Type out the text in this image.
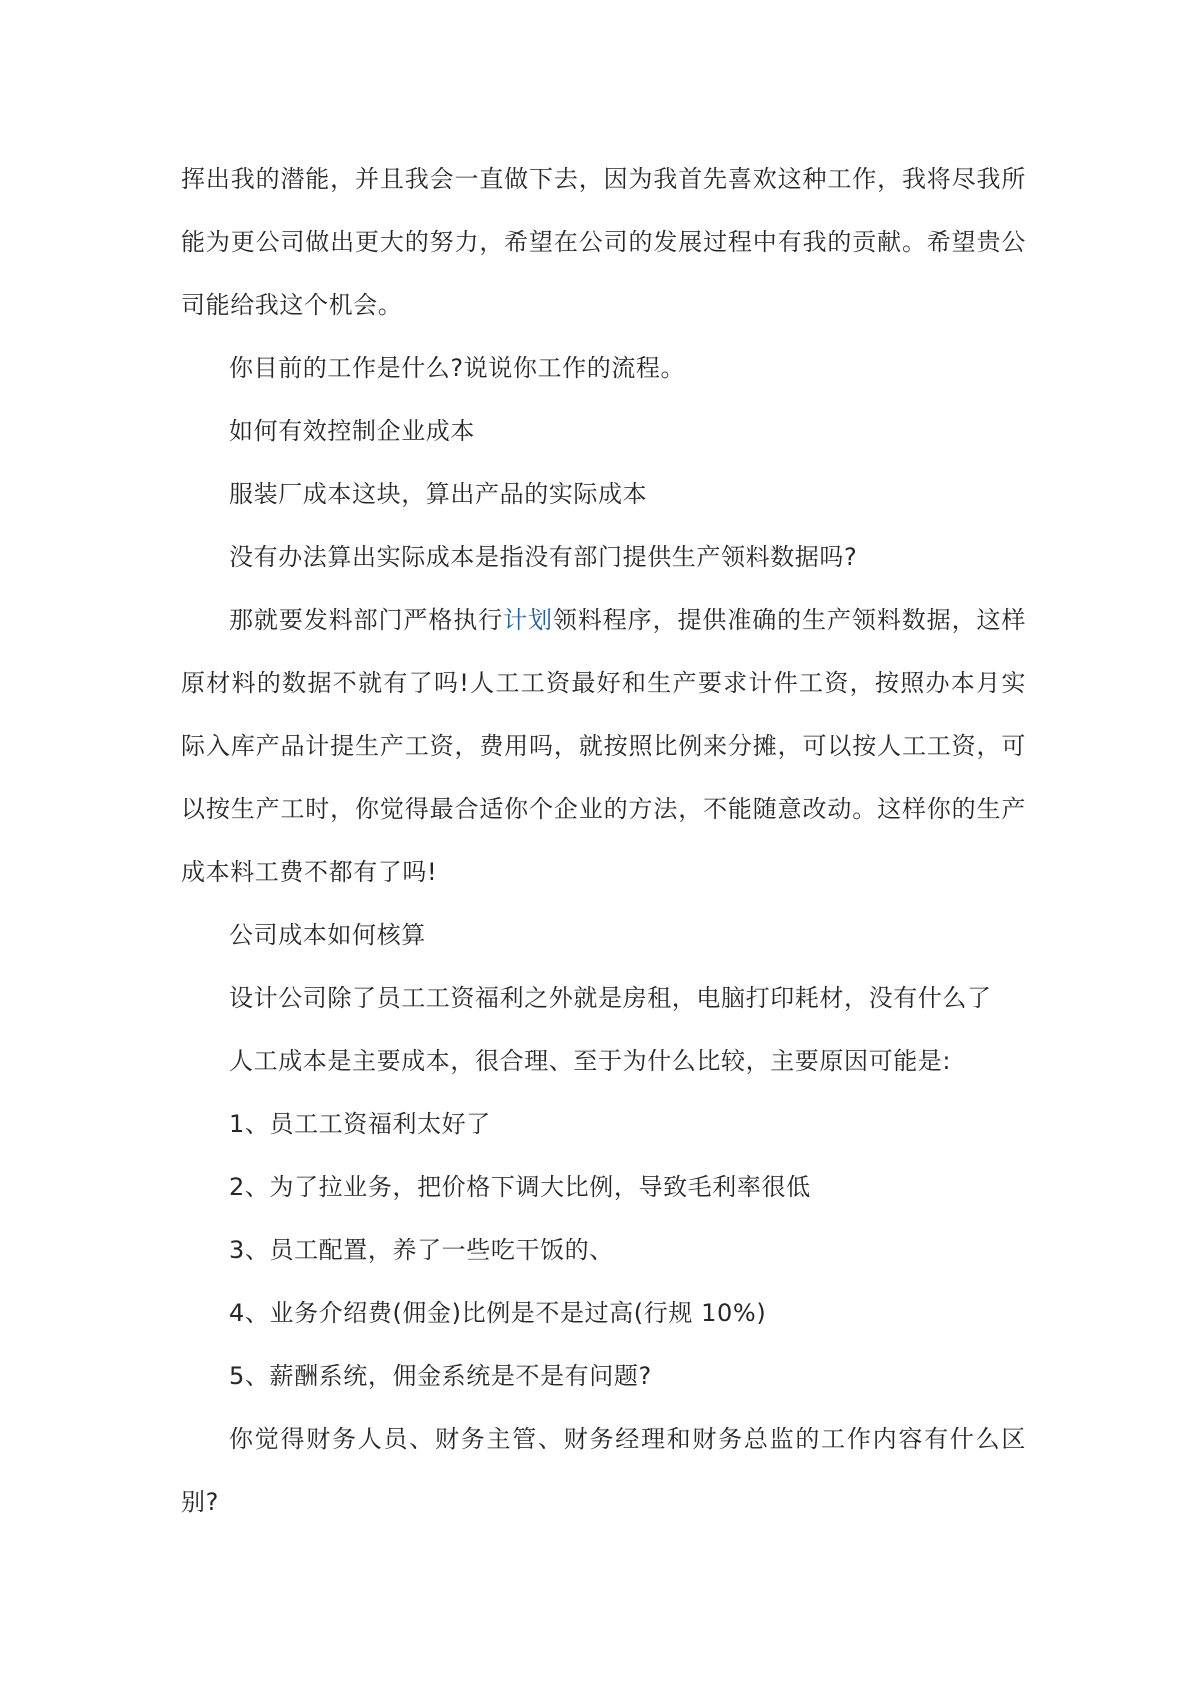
挥出我的潜能，并且我会一直做下去，因为我首先喜欢这种工作，我将尽我所能为更公司做出更大的努力，希望在公司的发展过程中有我的贡献。希望贵公司能给我这个机会。

你目前的工作是什么?说说你工作的流程。

如何有效控制企业成本

服装厂成本这块，算出产品的实际成本

没有办法算出实际成本是指没有部门提供生产领料数据吗?

那就要发料部门严格执行计划领料程序，提供准确的生产领料数据，这样原材料的数据不就有了吗!人工工资最好和生产要求计件工资，按照办本月实际入库产品计提生产工资，费用吗，就按照比例来分摊，可以按人工工资，可以按生产工时，你觉得最合适你个企业的方法，不能随意改动。这样你的生产成本料工费不都有了吗!

公司成本如何核算

设计公司除了员工工资福利之外就是房租，电脑打印耗材，没有什么了

人工成本是主要成本，很合理、至于为什么比较，主要原因可能是:

1、员工工资福利太好了

2、为了拉业务，把价格下调大比例，导致毛利率很低

3、员工配置，养了一些吃干饭的、

4、业务介绍费(佣金)比例是不是过高(行规 10%)

5、薪酬系统，佣金系统是不是有问题?

你觉得财务人员、财务主管、财务经理和财务总监的工作内容有什么区别?
